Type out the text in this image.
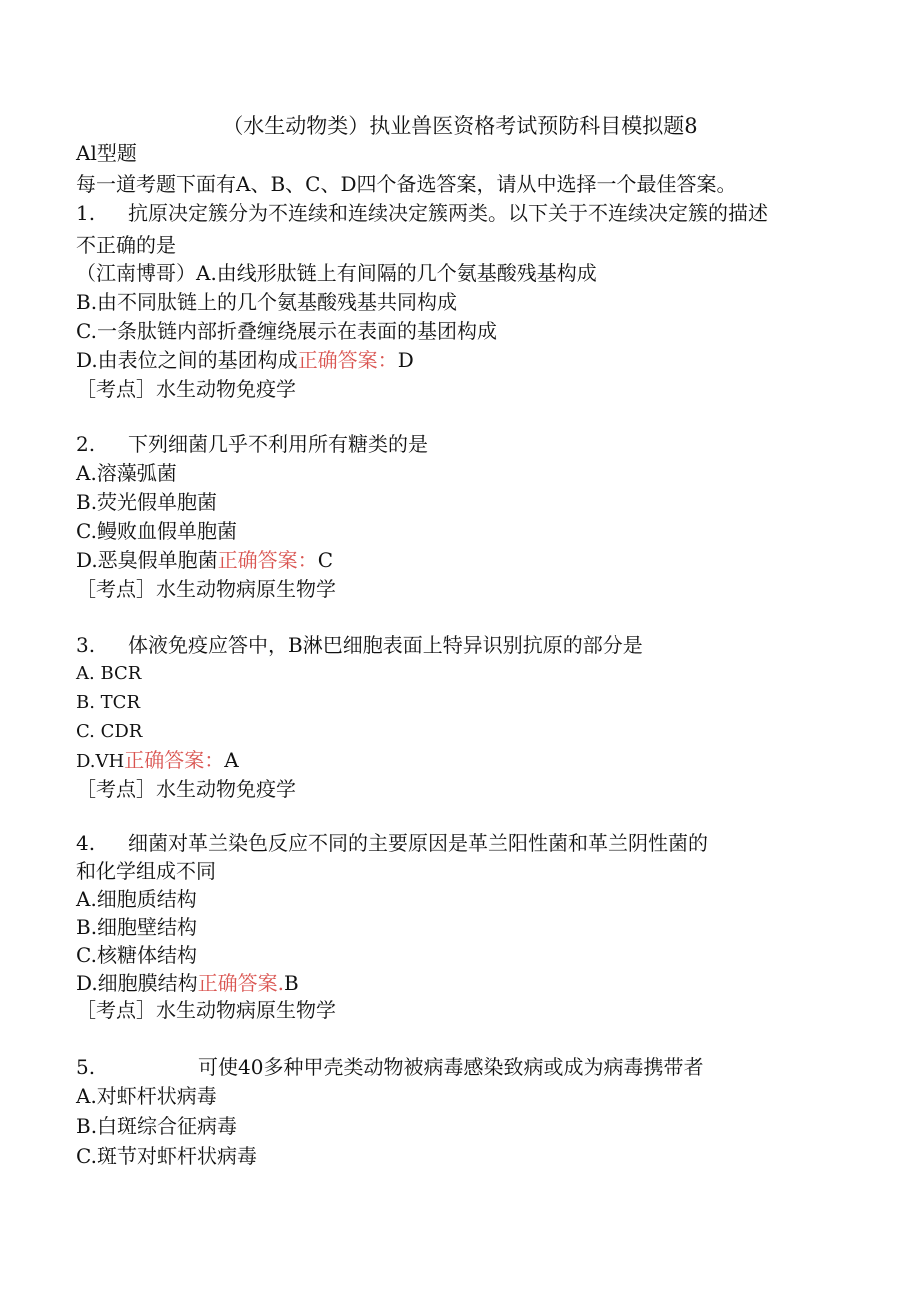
（水生动物类）执业兽医资格考试预防科目模拟题8
Al型题
每一道考题下面有A、B、C、D四个备选答案，请从中选择一个最佳答案。
1. 抗原决定簇分为不连续和连续决定簇两类。以下关于不连续决定簇的描述
不正确的是
（江南博哥）A.由线形肽链上有间隔的几个氨基酸残基构成
B.由不同肽链上的几个氨基酸残基共同构成
C.一条肽链内部折叠缠绕展示在表面的基团构成
D.由表位之间的基团构成正确答案：D
［考点］水生动物免疫学
2. 下列细菌几乎不利用所有糖类的是
A.溶藻弧菌
B.荧光假单胞菌
C.鳗败血假单胞菌
D.恶臭假单胞菌正确答案：C
［考点］水生动物病原生物学
3. 体液免疫应答中，B淋巴细胞表面上特异识别抗原的部分是
A. BCR
B. TCR
C. CDR
D.VH正确答案：A
［考点］水生动物免疫学
4. 细菌对革兰染色反应不同的主要原因是革兰阳性菌和革兰阴性菌的
和化学组成不同
A.细胞质结构
B.细胞壁结构
C.核糖体结构
D.细胞膜结构正确答案.B
［考点］水生动物病原生物学
5.	可使40多种甲壳类动物被病毒感染致病或成为病毒携带者
A.对虾杆状病毒
B.白斑综合征病毒
C.斑节对虾杆状病毒
